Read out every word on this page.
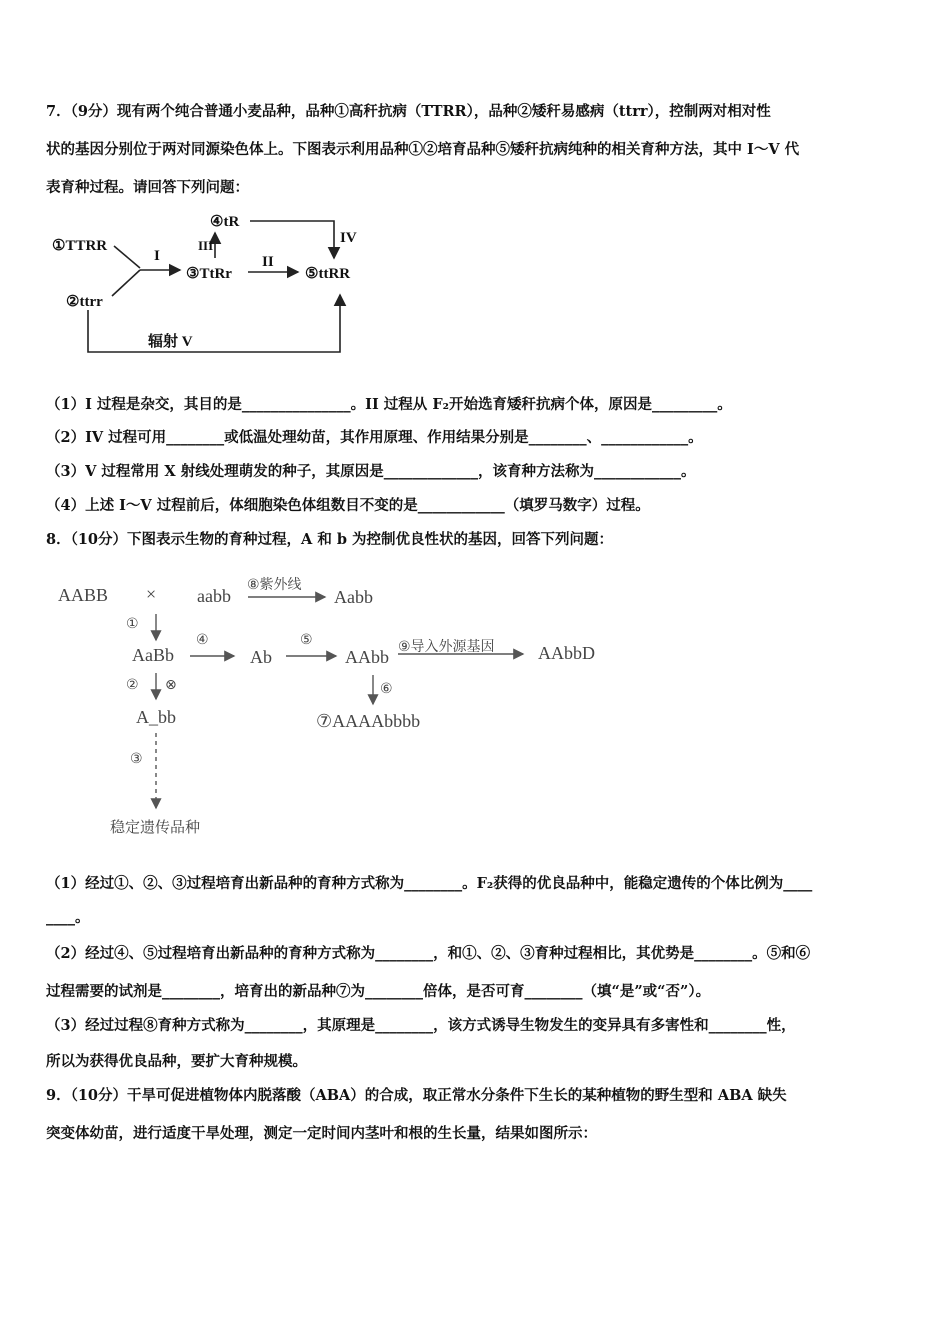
7．（9分）现有两个纯合普通小麦品种，品种①高秆抗病（TTRR），品种②矮秆易感病（ttrr），控制两对相对性
状的基因分别位于两对同源染色体上。下图表示利用品种①②培育品种⑤矮秆抗病纯种的相关育种方法，其中 I～V 代
表育种过程。请回答下列问题：
①TTRR
②ttrr
③TtRr
④tR
⑤ttRR
I	II
III	IV
辐射 V
（1）I 过程是杂交，其目的是_______________。II 过程从 F₂开始选育矮秆抗病个体，原因是_________。
（2）IV 过程可用________或低温处理幼苗，其作用原理、作用结果分别是________、____________。
（3）V 过程常用 X 射线处理萌发的种子，其原因是_____________，该育种方法称为____________。
（4）上述 I～V 过程前后，体细胞染色体组数目不变的是____________（填罗马数字）过程。
8．（10分）下图表示生物的育种过程，A 和 b 为控制优良性状的基因，回答下列问题：
AABB × aabb
⑧紫外线
Aabb
①
AaBb
④
Ab
⑤
AAbb ⑨导入外源基因 AAbbD
② ⊗	⑥
A_bb	⑦AAAAbbbb
③
稳定遗传品种
（1）经过①、②、③过程培育出新品种的育种方式称为________。F₂获得的优良品种中，能稳定遗传的个体比例为____
____。
（2）经过④、⑤过程培育出新品种的育种方式称为________，和①、②、③育种过程相比，其优势是________。⑤和⑥
过程需要的试剂是________，培育出的新品种⑦为________倍体，是否可育________（填“是”或“否”）。
（3）经过过程⑧育种方式称为________，其原理是________，该方式诱导生物发生的变异具有多害性和________性，
所以为获得优良品种，要扩大育种规模。
9．（10分）干旱可促进植物体内脱落酸（ABA）的合成，取正常水分条件下生长的某种植物的野生型和 ABA 缺失
突变体幼苗，进行适度干旱处理，测定一定时间内茎叶和根的生长量，结果如图所示：
